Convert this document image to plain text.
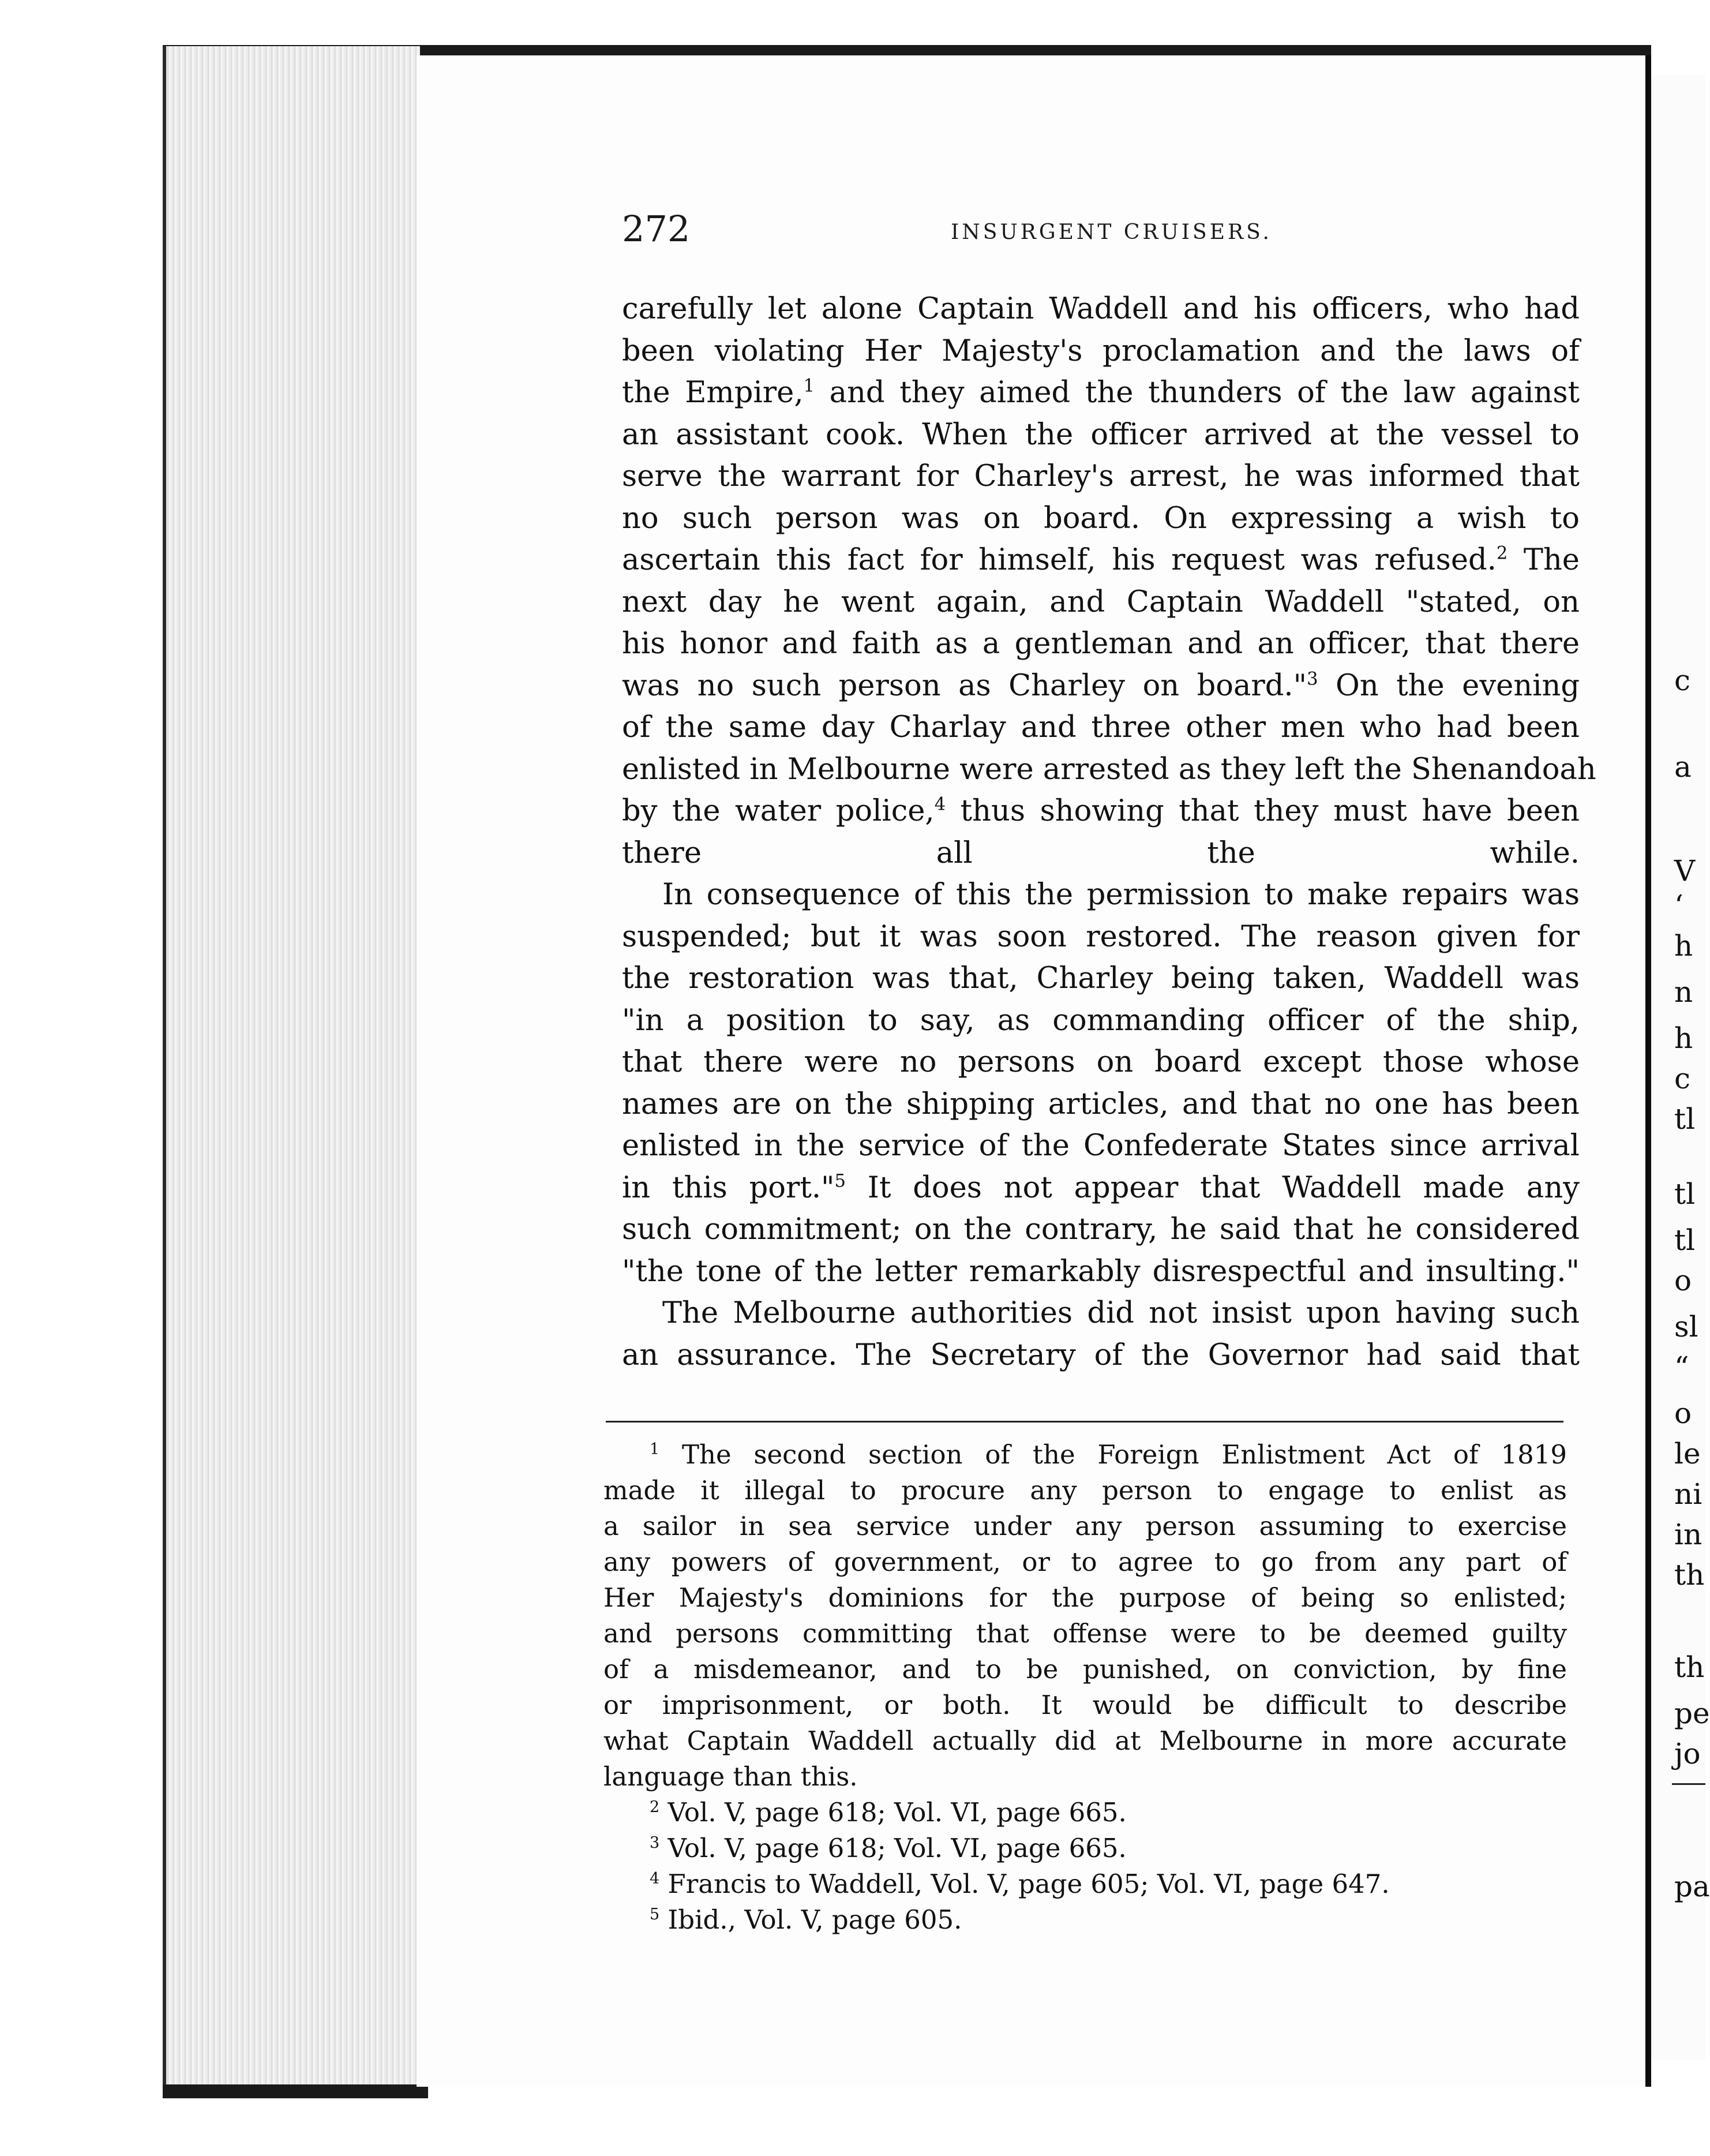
272	INSURGENT CRUISERS.

carefully let alone Captain Waddell and his officers, who had
been violating Her Majesty's proclamation and the laws of
the Empire,$^1$ and they aimed the thunders of the law against
an assistant cook. When the officer arrived at the vessel to
serve the warrant for Charley's arrest, he was informed that
no such person was on board. On expressing a wish to
ascertain this fact for himself, his request was refused.$^2$ The
next day he went again, and Captain Waddell "stated, on
his honor and faith as a gentleman and an officer, that there
was no such person as Charley on board."$^3$ On the evening
of the same day Charlay and three other men who had been
enlisted in Melbourne were arrested as they left the Shenandoah
by the water police,$^4$ thus showing that they must have been
there all the while.

In consequence of this the permission to make repairs was
suspended; but it was soon restored. The reason given for
the restoration was that, Charley being taken, Waddell was
"in a position to say, as commanding officer of the ship,
that there were no persons on board except those whose
names are on the shipping articles, and that no one has been
enlisted in the service of the Confederate States since arrival
in this port."$^5$ It does not appear that Waddell made any
such commitment; on the contrary, he said that he considered
"the tone of the letter remarkably disrespectful and insulting."

The Melbourne authorities did not insist upon having such
an assurance. The Secretary of the Governor had said that

$^1$ The second section of the Foreign Enlistment Act of 1819
made it illegal to procure any person to engage to enlist as
a sailor in sea service under any person assuming to exercise
any powers of government, or to agree to go from any part of
Her Majesty's dominions for the purpose of being so enlisted;
and persons committing that offense were to be deemed guilty
of a misdemeanor, and to be punished, on conviction, by fine
or imprisonment, or both. It would be difficult to describe
what Captain Waddell actually did at Melbourne in more accurate
language than this.
$^2$ Vol. V, page 618; Vol. VI, page 665.
$^3$ Vol. V, page 618; Vol. VI, page 665.
$^4$ Francis to Waddell, Vol. V, page 605; Vol. VI, page 647.
$^5$ Ibid., Vol. V, page 605.
c
a
V
‘
h
n
h
c
tl
tl
tl
o
sl
“
o
le
ni
in
th
th
pe
jo
pa
